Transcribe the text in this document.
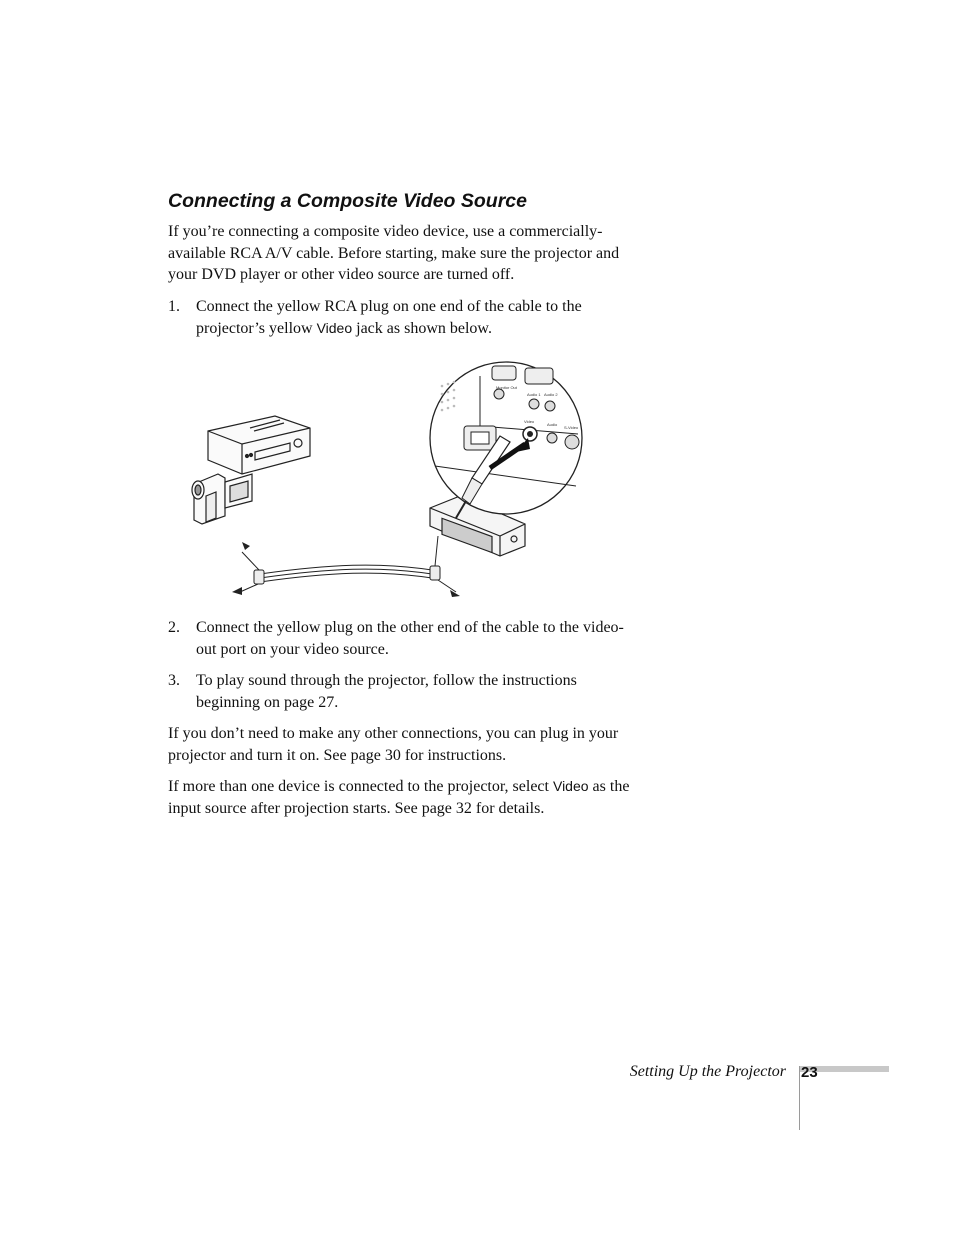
Connecting a Composite Video Source

If you’re connecting a composite video device, use a commercially-available RCA A/V cable. Before starting, make sure the projector and your DVD player or other video source are turned off.

1. Connect the yellow RCA plug on one end of the cable to the projector’s yellow Video jack as shown below.
Monitor Out
Audio 1 Audio 2
Video
Audio
S-Video
2. Connect the yellow plug on the other end of the cable to the video-out port on your video source.
3. To play sound through the projector, follow the instructions beginning on page 27.

If you don’t need to make any other connections, you can plug in your projector and turn it on. See page 30 for instructions.

If more than one device is connected to the projector, select Video as the input source after projection starts. See page 32 for details.

Setting Up the Projector 23
